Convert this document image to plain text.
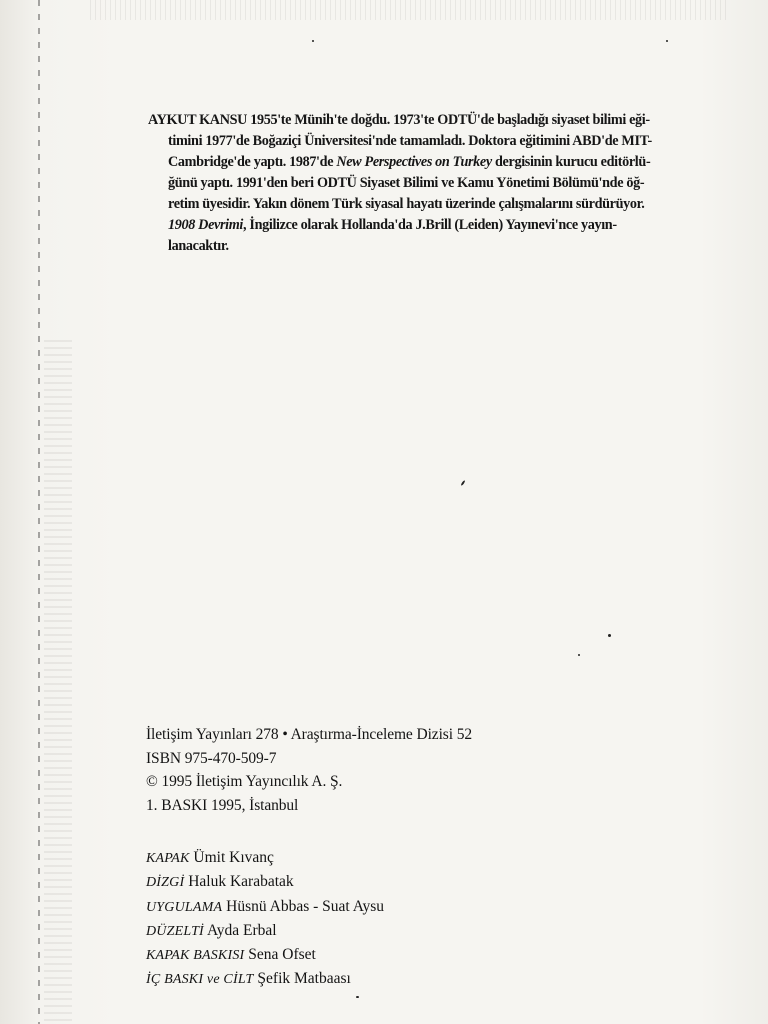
AYKUT KANSU 1955'te Münih'te doğdu. 1973'te ODTÜ'de başladığı siyaset bilimi eği-
timini 1977'de Boğaziçi Üniversitesi'nde tamamladı. Doktora eğitimini ABD'de MIT-
Cambridge'de yaptı. 1987'de New Perspectives on Turkey dergisinin kurucu editörlü-
ğünü yaptı. 1991'den beri ODTÜ Siyaset Bilimi ve Kamu Yönetimi Bölümü'nde öğ-
retim üyesidir. Yakın dönem Türk siyasal hayatı üzerinde çalışmalarını sürdürüyor.
1908 Devrimi, İngilizce olarak Hollanda'da J.Brill (Leiden) Yayınevi'nce yayın-
lanacaktır.
İletişim Yayınları 278 • Araştırma-İnceleme Dizisi 52
ISBN 975-470-509-7
© 1995 İletişim Yayıncılık A. Ş.
1. BASKI 1995, İstanbul
KAPAK Ümit Kıvanç
DİZGİ Haluk Karabatak
UYGULAMA Hüsnü Abbas - Suat Aysu
DÜZELTİ Ayda Erbal
KAPAK BASKISI Sena Ofset
İÇ BASKI ve CİLT Şefik Matbaası
